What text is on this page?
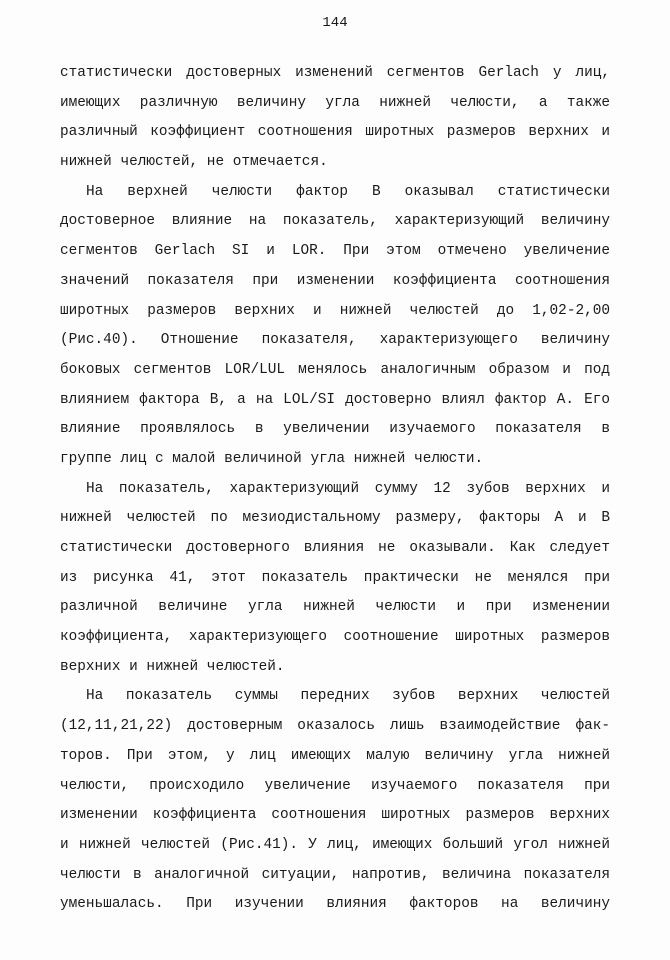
144
статистически достоверных изменений сегментов Gerlach у лиц,
имеющих различную величину угла нижней челюсти, а также
различный коэффициент соотношения широтных размеров верхних и
нижней челюстей, не отмечается.
На верхней челюсти фактор В оказывал статистически
достоверное влияние на показатель, характеризующий величину
сегментов Gerlach SI и LOR. При этом отмечено увеличение
значений показателя при изменении коэффициента соотношения
широтных размеров верхних и нижней челюстей до 1,02-2,00
(Рис.40). Отношение показателя, характеризующего величину
боковых сегментов LOR/LUL менялось аналогичным образом и под
влиянием фактора В, а на LOL/SI достоверно влиял фактор А. Его
влияние проявлялось в увеличении изучаемого показателя в
группе лиц с малой величиной угла нижней челюсти.
На показатель, характеризующий сумму 12 зубов верхних и
нижней челюстей по мезиодистальному размеру, факторы А и В
статистически достоверного влияния не оказывали. Как следует
из рисунка 41, этот показатель практически не менялся при
различной величине угла нижней челюсти и при изменении
коэффициента, характеризующего соотношение широтных размеров
верхних и нижней челюстей.
На показатель суммы передних зубов верхних челюстей
(12,11,21,22) достоверным оказалось лишь взаимодействие фак-
торов. При этом, у лиц имеющих малую величину угла нижней
челюсти, происходило увеличение изучаемого показателя при
изменении коэффициента соотношения широтных размеров верхних
и нижней челюстей (Рис.41). У лиц, имеющих больший угол нижней
челюсти в аналогичной ситуации, напротив, величина показателя
уменьшалась. При изучении влияния факторов на величину
